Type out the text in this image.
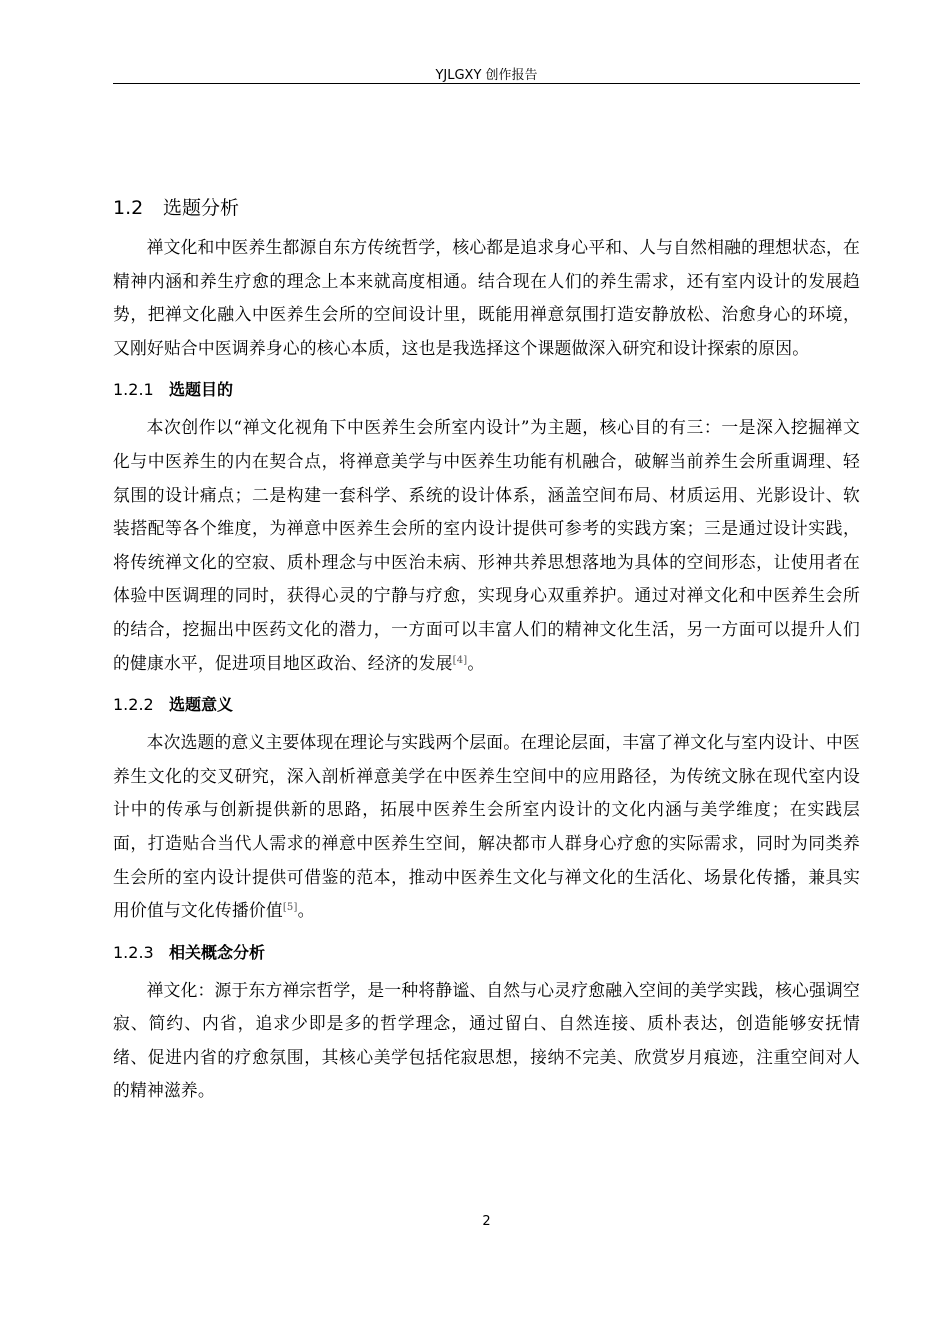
YJLGXY 创作报告
1.2 选题分析

禅文化和中医养生都源自东方传统哲学，核心都是追求身心平和、人与自然相融的理想状态，在精神内涵和养生疗愈的理念上本来就高度相通。结合现在人们的养生需求，还有室内设计的发展趋势，把禅文化融入中医养生会所的空间设计里，既能用禅意氛围打造安静放松、治愈身心的环境，又刚好贴合中医调养身心的核心本质，这也是我选择这个课题做深入研究和设计探索的原因。

1.2.1 选题目的

本次创作以“禅文化视角下中医养生会所室内设计”为主题，核心目的有三：一是深入挖掘禅文化与中医养生的内在契合点，将禅意美学与中医养生功能有机融合，破解当前养生会所重调理、轻氛围的设计痛点；二是构建一套科学、系统的设计体系，涵盖空间布局、材质运用、光影设计、软装搭配等各个维度，为禅意中医养生会所的室内设计提供可参考的实践方案；三是通过设计实践，将传统禅文化的空寂、质朴理念与中医治未病、形神共养思想落地为具体的空间形态，让使用者在体验中医调理的同时，获得心灵的宁静与疗愈，实现身心双重养护。通过对禅文化和中医养生会所的结合，挖掘出中医药文化的潜力，一方面可以丰富人们的精神文化生活，另一方面可以提升人们的健康水平，促进项目地区政治、经济的发展[4]。

1.2.2 选题意义

本次选题的意义主要体现在理论与实践两个层面。在理论层面，丰富了禅文化与室内设计、中医养生文化的交叉研究，深入剖析禅意美学在中医养生空间中的应用路径，为传统文脉在现代室内设计中的传承与创新提供新的思路，拓展中医养生会所室内设计的文化内涵与美学维度；在实践层面，打造贴合当代人需求的禅意中医养生空间，解决都市人群身心疗愈的实际需求，同时为同类养生会所的室内设计提供可借鉴的范本，推动中医养生文化与禅文化的生活化、场景化传播，兼具实用价值与文化传播价值[5]。

1.2.3 相关概念分析

禅文化：源于东方禅宗哲学，是一种将静谧、自然与心灵疗愈融入空间的美学实践，核心强调空寂、简约、内省，追求少即是多的哲学理念，通过留白、自然连接、质朴表达，创造能够安抚情绪、促进内省的疗愈氛围，其核心美学包括侘寂思想，接纳不完美、欣赏岁月痕迹，注重空间对人的精神滋养。

2
